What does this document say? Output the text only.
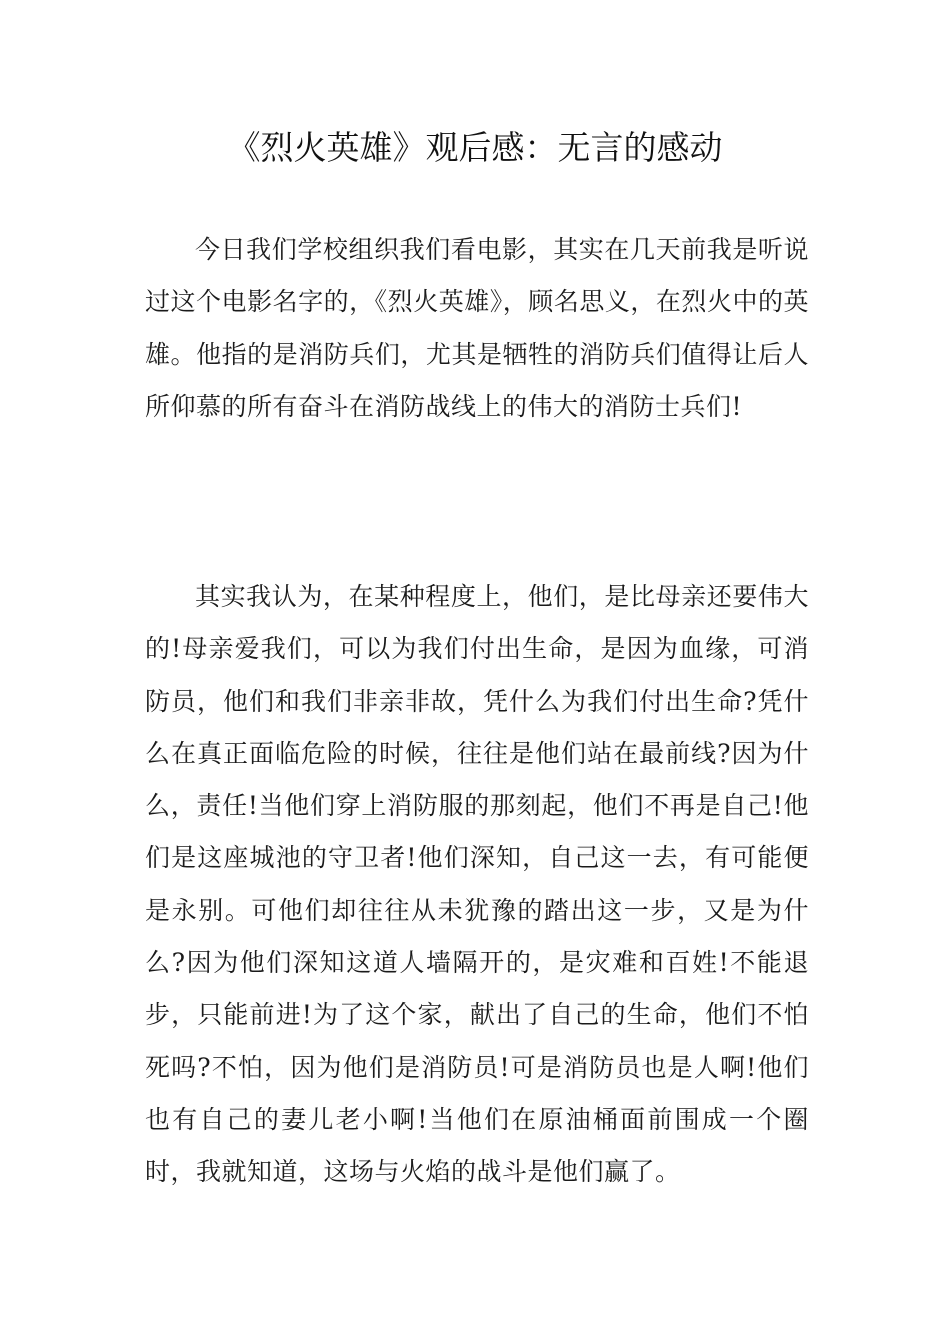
《烈火英雄》观后感：无言的感动

今日我们学校组织我们看电影，其实在几天前我是听说过这个电影名字的，《烈火英雄》，顾名思义，在烈火中的英雄。他指的是消防兵们，尤其是牺牲的消防兵们值得让后人所仰慕的所有奋斗在消防战线上的伟大的消防士兵们!

其实我认为，在某种程度上，他们，是比母亲还要伟大的!母亲爱我们，可以为我们付出生命，是因为血缘，可消防员，他们和我们非亲非故，凭什么为我们付出生命?凭什么在真正面临危险的时候，往往是他们站在最前线?因为什么，责任!当他们穿上消防服的那刻起，他们不再是自己!他们是这座城池的守卫者!他们深知，自己这一去，有可能便是永别。可他们却往往从未犹豫的踏出这一步，又是为什么?因为他们深知这道人墙隔开的，是灾难和百姓!不能退步，只能前进!为了这个家，献出了自己的生命，他们不怕死吗?不怕，因为他们是消防员!可是消防员也是人啊!他们也有自己的妻儿老小啊!当他们在原油桶面前围成一个圈时，我就知道，这场与火焰的战斗是他们赢了。
